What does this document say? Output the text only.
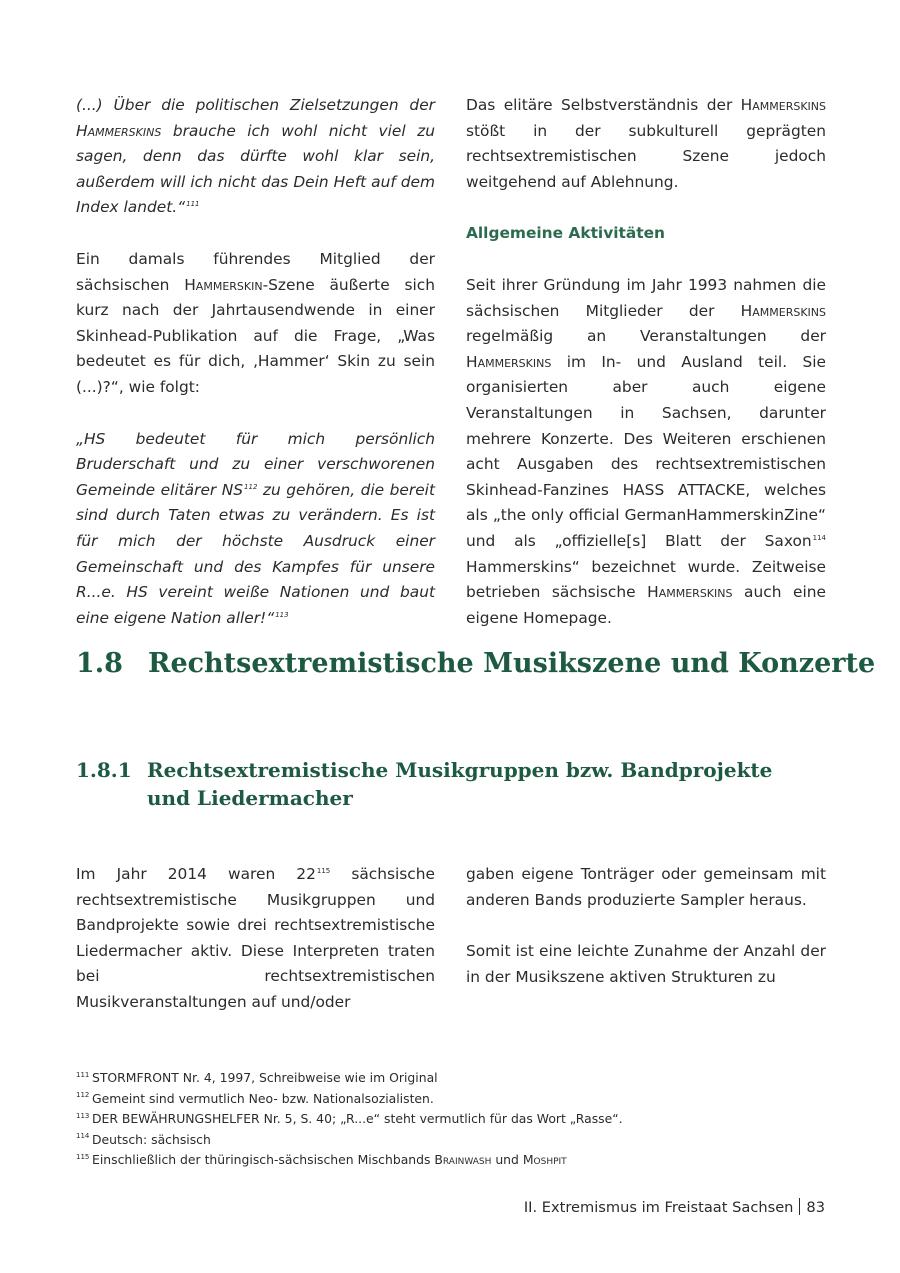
(...) Über die politischen Zielsetzungen der Hammerskins brauche ich wohl nicht viel zu sagen, denn das dürfte wohl klar sein, außerdem will ich nicht das Dein Heft auf dem Index landet.“$^{111}$

Ein damals führendes Mitglied der sächsischen Hammerskin-Szene äußerte sich kurz nach der Jahrtausendwende in einer Skinhead-Publikation auf die Frage, „Was bedeutet es für dich, ‚Hammer‘ Skin zu sein (...)?“, wie folgt:

„HS bedeutet für mich persönlich Bruderschaft und zu einer verschworenen Gemeinde elitärer NS$^{112}$ zu gehören, die bereit sind durch Taten etwas zu verändern. Es ist für mich der höchste Ausdruck einer Gemeinschaft und des Kampfes für unsere R...e. HS vereint weiße Nationen und baut eine eigene Nation aller!“$^{113}$

Das elitäre Selbstverständnis der Hammerskins stößt in der subkulturell geprägten rechtsextremistischen Szene jedoch weitgehend auf Ablehnung.

Allgemeine Aktivitäten

Seit ihrer Gründung im Jahr 1993 nahmen die sächsischen Mitglieder der Hammerskins regelmäßig an Veranstaltungen der Hammerskins im In- und Ausland teil. Sie organisierten aber auch eigene Veranstaltungen in Sachsen, darunter mehrere Konzerte. Des Weiteren erschienen acht Ausgaben des rechtsextremistischen Skinhead-Fanzines HASS ATTACKE, welches als „the only official GermanHammerskinZine“ und als „offizielle[s] Blatt der Saxon$^{114}$ Hammerskins“ bezeichnet wurde. Zeitweise betrieben sächsische Hammerskins auch eine eigene Homepage.

1.8 Rechtsextremistische Musikszene und Konzerte
1.8.1 Rechtsextremistische Musikgruppen bzw. Bandprojekte und Liedermacher

Im Jahr 2014 waren $22^{115}$ sächsische rechtsextremistische Musikgruppen und Bandprojekte sowie drei rechtsextremistische Liedermacher aktiv. Diese Interpreten traten bei rechtsextremistischen Musikveranstaltungen auf und/oder

gaben eigene Tonträger oder gemeinsam mit anderen Bands produzierte Sampler heraus.

Somit ist eine leichte Zunahme der Anzahl der in der Musikszene aktiven Strukturen zu

111 STORMFRONT Nr. 4, 1997, Schreibweise wie im Original
112 Gemeint sind vermutlich Neo- bzw. Nationalsozialisten.
113 DER BEWÄHRUNGSHELFER Nr. 5, S. 40; „R...e“ steht vermutlich für das Wort „Rasse“.
114 Deutsch: sächsisch
115 Einschließlich der thüringisch-sächsischen Mischbands Brainwash und Moshpit
II. Extremismus im Freistaat Sachsen 83
